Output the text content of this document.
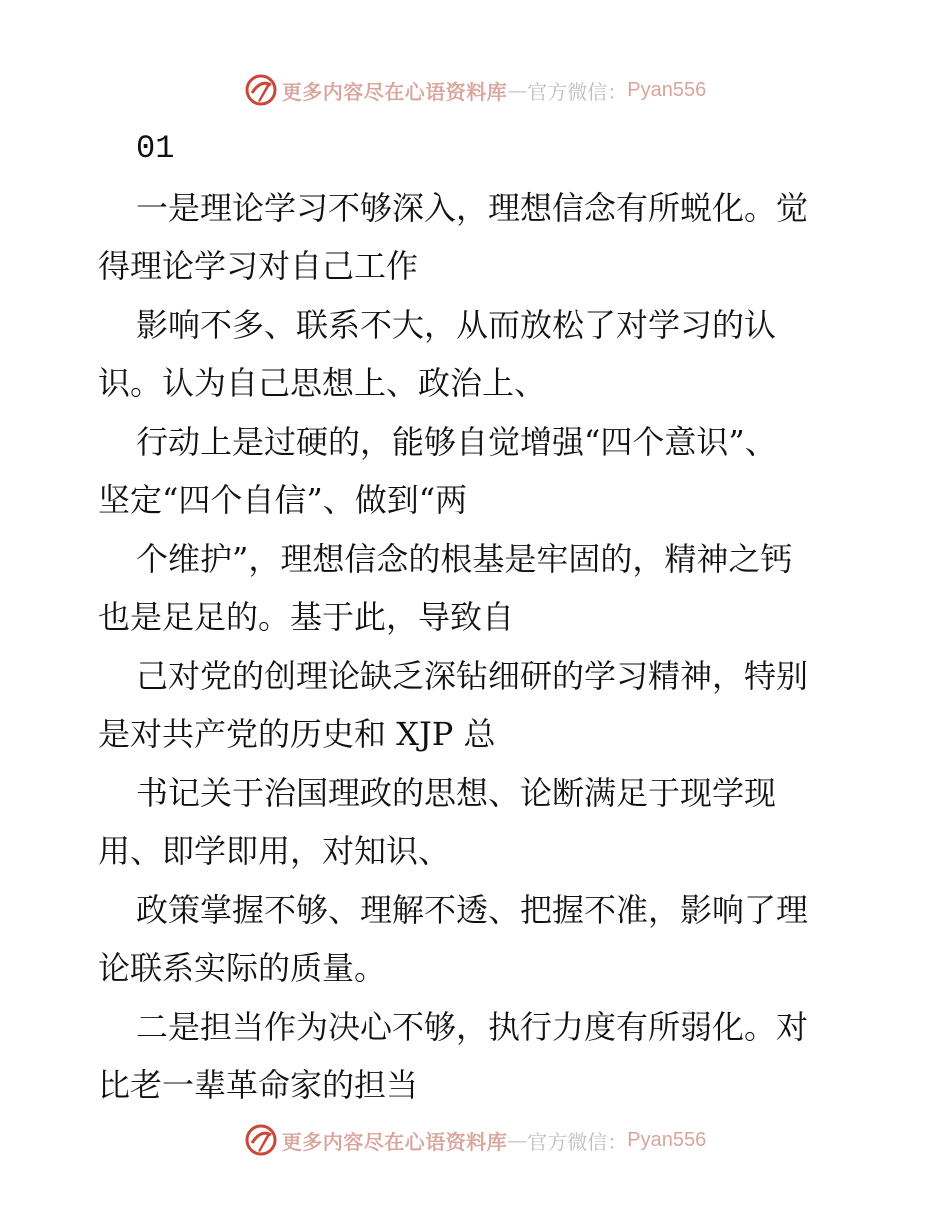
更多内容尽在心语资料库 — 官方微信： Pyan556
01
一是理论学习不够深入，理想信念有所蜕化。觉
得理论学习对自己工作
影响不多、联系不大，从而放松了对学习的认
识。认为自己思想上、政治上、
行动上是过硬的，能够自觉增强“四个意识”、
坚定“四个自信”、做到“两
个维护”，理想信念的根基是牢固的，精神之钙
也是足足的。基于此，导致自
己对党的创理论缺乏深钻细研的学习精神，特别
是对共产党的历史和 XJP 总
书记关于治国理政的思想、论断满足于现学现
用、即学即用，对知识、
政策掌握不够、理解不透、把握不准，影响了理
论联系实际的质量。
二是担当作为决心不够，执行力度有所弱化。对
比老一辈革命家的担当
更多内容尽在心语资料库 — 官方微信： Pyan556
